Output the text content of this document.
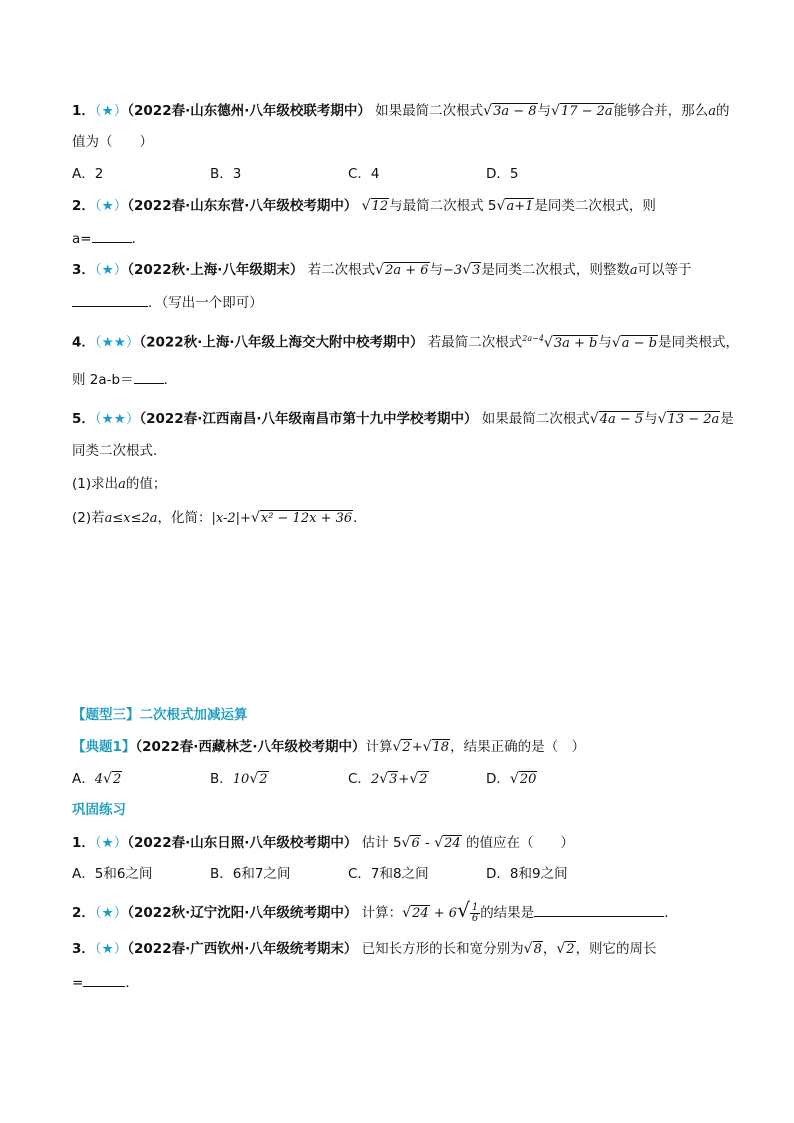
1．（★）（2022春·山东德州·八年级校联考期中） 如果最简二次根式√3a − 8与√17 − 2a能够合并，那么a的
值为（　　）
A．2	B．3	C．4	D．5
2．（★）（2022春·山东东营·八年级校考期中） √12与最简二次根式 5√a+1是同类二次根式，则
a=	．
3．（★）（2022秋·上海·八年级期末） 若二次根式√2a + 6与−3√3是同类二次根式，则整数a可以等于
．（写出一个即可）
4．（★★）（2022秋·上海·八年级上海交大附中校考期中） 若最简二次根式$^{2a-4}$√3a + b与√a − b是同类根式，
则 2a-b＝ ．
5．（★★）（2022春·江西南昌·八年级南昌市第十九中学校考期中） 如果最简二次根式√4a − 5与√13 − 2a是
同类二次根式．
(1)求出a的值；
(2)若a≤x≤2a，化简：|x-2|+√x² − 12x + 36．
【题型三】二次根式加减运算
【典题1】（2022春·西藏林芝·八年级校考期中）计算√2+√18，结果正确的是（　）
A．4√2	B．10√2	C．2√3+√2	D．√20
巩固练习
1．（★）（2022春·山东日照·八年级校考期中） 估计 5√6 - √24 的值应在（　　）
A．5和6之间	B．6和7之间	C．7和8之间	D．8和9之间
2．（★）（2022秋·辽宁沈阳·八年级统考期中） 计算：$√24 + 6√ \frac{1}{6}$ 的结果是	．
3．（★）（2022春·广西钦州·八年级统考期末） 已知长方形的长和宽分别为√8，√2，则它的周长
=	．
